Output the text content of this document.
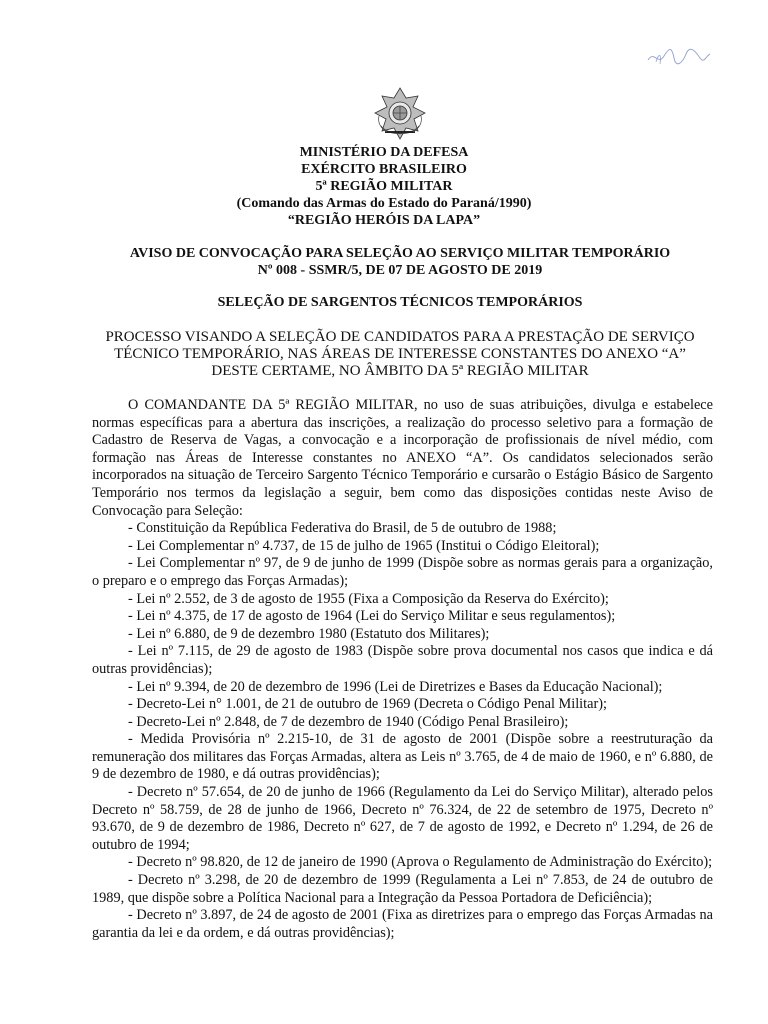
MINISTÉRIO DA DEFESA
EXÉRCITO BRASILEIRO
5ª REGIÃO MILITAR
(Comando das Armas do Estado do Paraná/1990)
“REGIÃO HERÓIS DA LAPA”
AVISO DE CONVOCAÇÃO PARA SELEÇÃO AO SERVIÇO MILITAR TEMPORÁRIO
Nº 008 - SSMR/5, DE 07 DE AGOSTO DE 2019
SELEÇÃO DE SARGENTOS TÉCNICOS TEMPORÁRIOS
PROCESSO VISANDO A SELEÇÃO DE CANDIDATOS PARA A PRESTAÇÃO DE SERVIÇO
TÉCNICO TEMPORÁRIO, NAS ÁREAS DE INTERESSE CONSTANTES DO ANEXO “A”
DESTE CERTAME, NO ÂMBITO DA 5ª REGIÃO MILITAR

O COMANDANTE DA 5ª REGIÃO MILITAR, no uso de suas atribuições, divulga e estabelece normas específicas para a abertura das inscrições, a realização do processo seletivo para a formação de Cadastro de Reserva de Vagas, a convocação e a incorporação de profissionais de nível médio, com formação nas Áreas de Interesse constantes no ANEXO “A”. Os candidatos selecionados serão incorporados na situação de Terceiro Sargento Técnico Temporário e cursarão o Estágio Básico de Sargento Temporário nos termos da legislação a seguir, bem como das disposições contidas neste Aviso de Convocação para Seleção:

- Constituição da República Federativa do Brasil, de 5 de outubro de 1988;

- Lei Complementar nº 4.737, de 15 de julho de 1965 (Institui o Código Eleitoral);

- Lei Complementar nº 97, de 9 de junho de 1999 (Dispõe sobre as normas gerais para a organização, o preparo e o emprego das Forças Armadas);

- Lei nº 2.552, de 3 de agosto de 1955 (Fixa a Composição da Reserva do Exército);

- Lei nº 4.375, de 17 de agosto de 1964 (Lei do Serviço Militar e seus regulamentos);

- Lei nº 6.880, de 9 de dezembro 1980 (Estatuto dos Militares);

- Lei nº 7.115, de 29 de agosto de 1983 (Dispõe sobre prova documental nos casos que indica e dá outras providências);

- Lei nº 9.394, de 20 de dezembro de 1996 (Lei de Diretrizes e Bases da Educação Nacional);

- Decreto-Lei n° 1.001, de 21 de outubro de 1969 (Decreta o Código Penal Militar);

- Decreto-Lei nº 2.848, de 7 de dezembro de 1940 (Código Penal Brasileiro);

- Medida Provisória nº 2.215-10, de 31 de agosto de 2001 (Dispõe sobre a reestruturação da remuneração dos militares das Forças Armadas, altera as Leis nº 3.765, de 4 de maio de 1960, e nº 6.880, de 9 de dezembro de 1980, e dá outras providências);

- Decreto nº 57.654, de 20 de junho de 1966 (Regulamento da Lei do Serviço Militar), alterado pelos Decreto nº 58.759, de 28 de junho de 1966, Decreto nº 76.324, de 22 de setembro de 1975, Decreto nº 93.670, de 9 de dezembro de 1986, Decreto nº 627, de 7 de agosto de 1992, e Decreto nº 1.294, de 26 de outubro de 1994;

- Decreto nº 98.820, de 12 de janeiro de 1990 (Aprova o Regulamento de Administração do Exército);

- Decreto nº 3.298, de 20 de dezembro de 1999 (Regulamenta a Lei nº 7.853, de 24 de outubro de 1989, que dispõe sobre a Política Nacional para a Integração da Pessoa Portadora de Deficiência);

- Decreto nº 3.897, de 24 de agosto de 2001 (Fixa as diretrizes para o emprego das Forças Armadas na garantia da lei e da ordem, e dá outras providências);
